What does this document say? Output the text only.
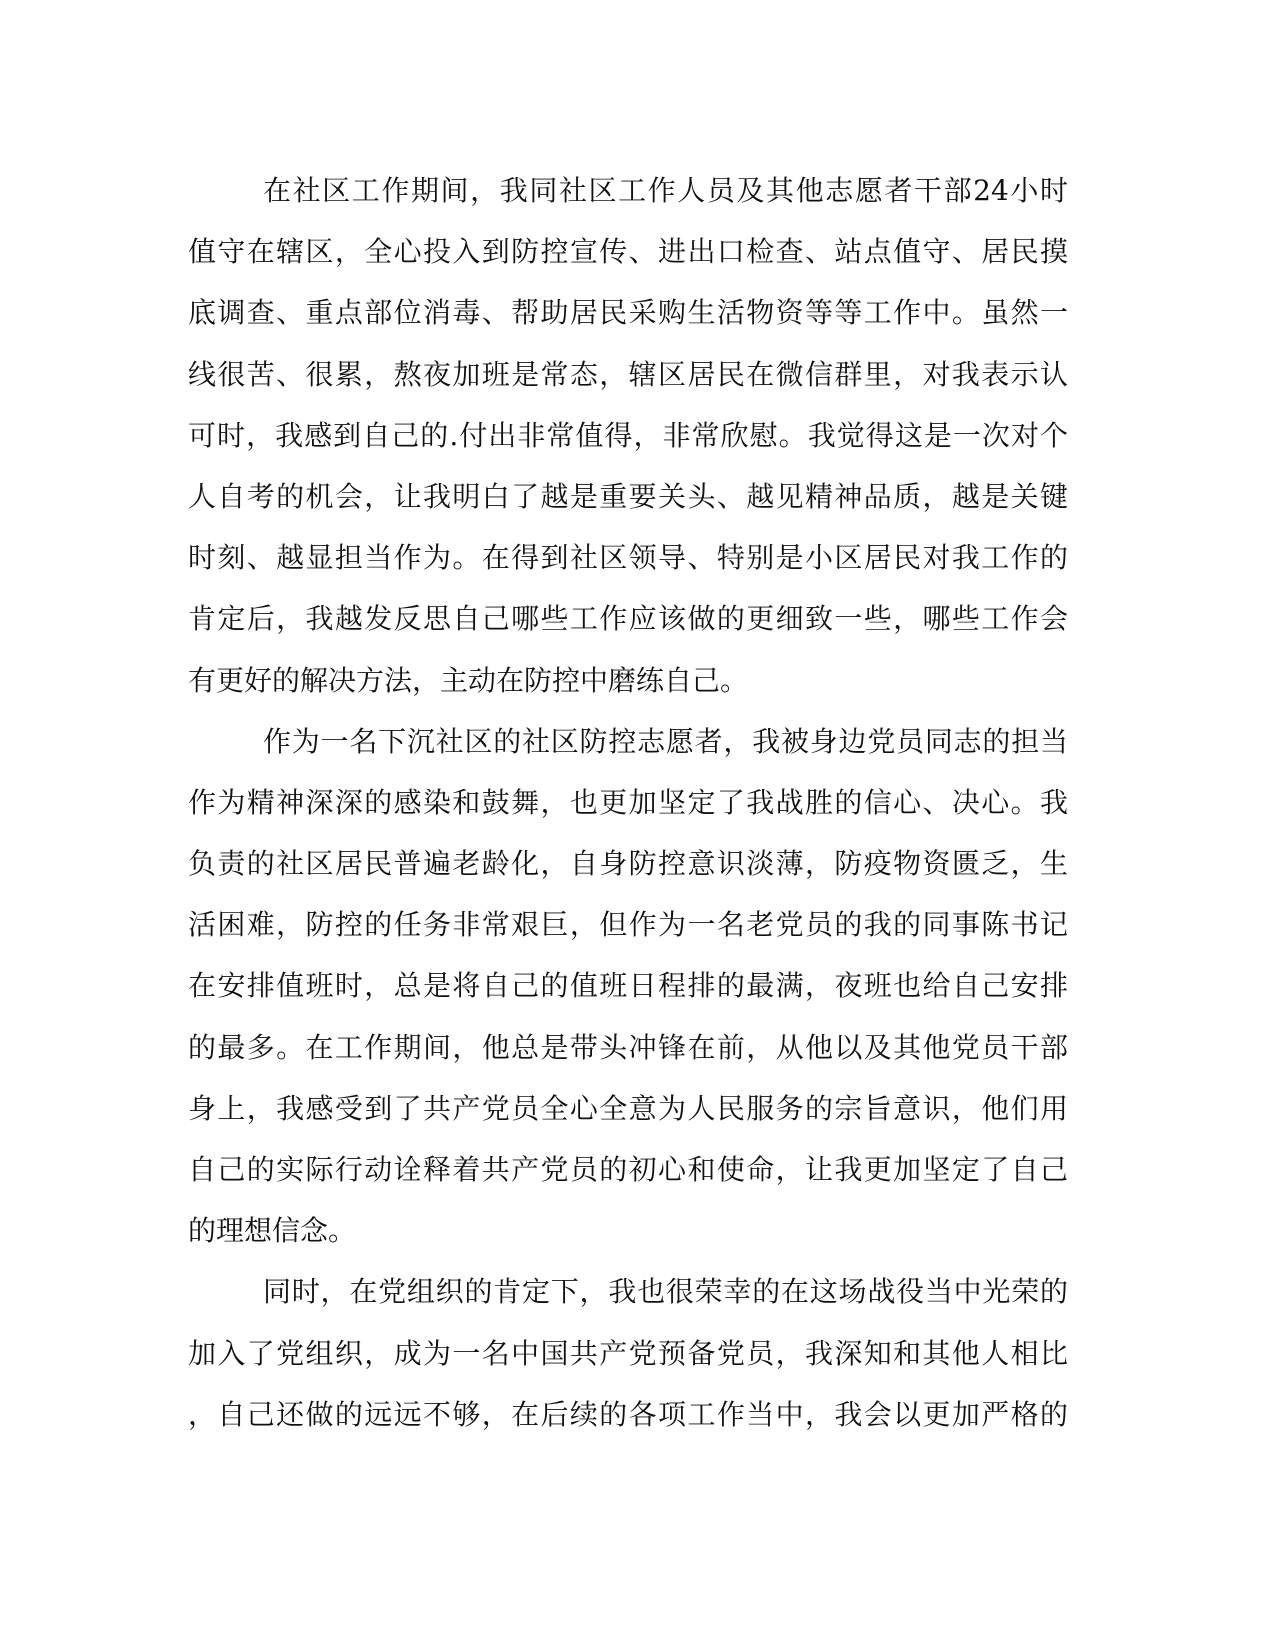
在社区工作期间，我同社区工作人员及其他志愿者干部24小时
值守在辖区，全心投入到防控宣传、进出口检查、站点值守、居民摸
底调查、重点部位消毒、帮助居民采购生活物资等等工作中。虽然一
线很苦、很累，熬夜加班是常态，辖区居民在微信群里，对我表示认
可时，我感到自己的.付出非常值得，非常欣慰。我觉得这是一次对个
人自考的机会，让我明白了越是重要关头、越见精神品质，越是关键
时刻、越显担当作为。在得到社区领导、特别是小区居民对我工作的
肯定后，我越发反思自己哪些工作应该做的更细致一些，哪些工作会
有更好的解决方法，主动在防控中磨练自己。
作为一名下沉社区的社区防控志愿者，我被身边党员同志的担当
作为精神深深的感染和鼓舞，也更加坚定了我战胜的信心、决心。我
负责的社区居民普遍老龄化，自身防控意识淡薄，防疫物资匮乏，生
活困难，防控的任务非常艰巨，但作为一名老党员的我的同事陈书记
在安排值班时，总是将自己的值班日程排的最满，夜班也给自己安排
的最多。在工作期间，他总是带头冲锋在前，从他以及其他党员干部
身上，我感受到了共产党员全心全意为人民服务的宗旨意识，他们用
自己的实际行动诠释着共产党员的初心和使命，让我更加坚定了自己
的理想信念。
同时，在党组织的肯定下，我也很荣幸的在这场战役当中光荣的
加入了党组织，成为一名中国共产党预备党员，我深知和其他人相比
，自己还做的远远不够，在后续的各项工作当中，我会以更加严格的
